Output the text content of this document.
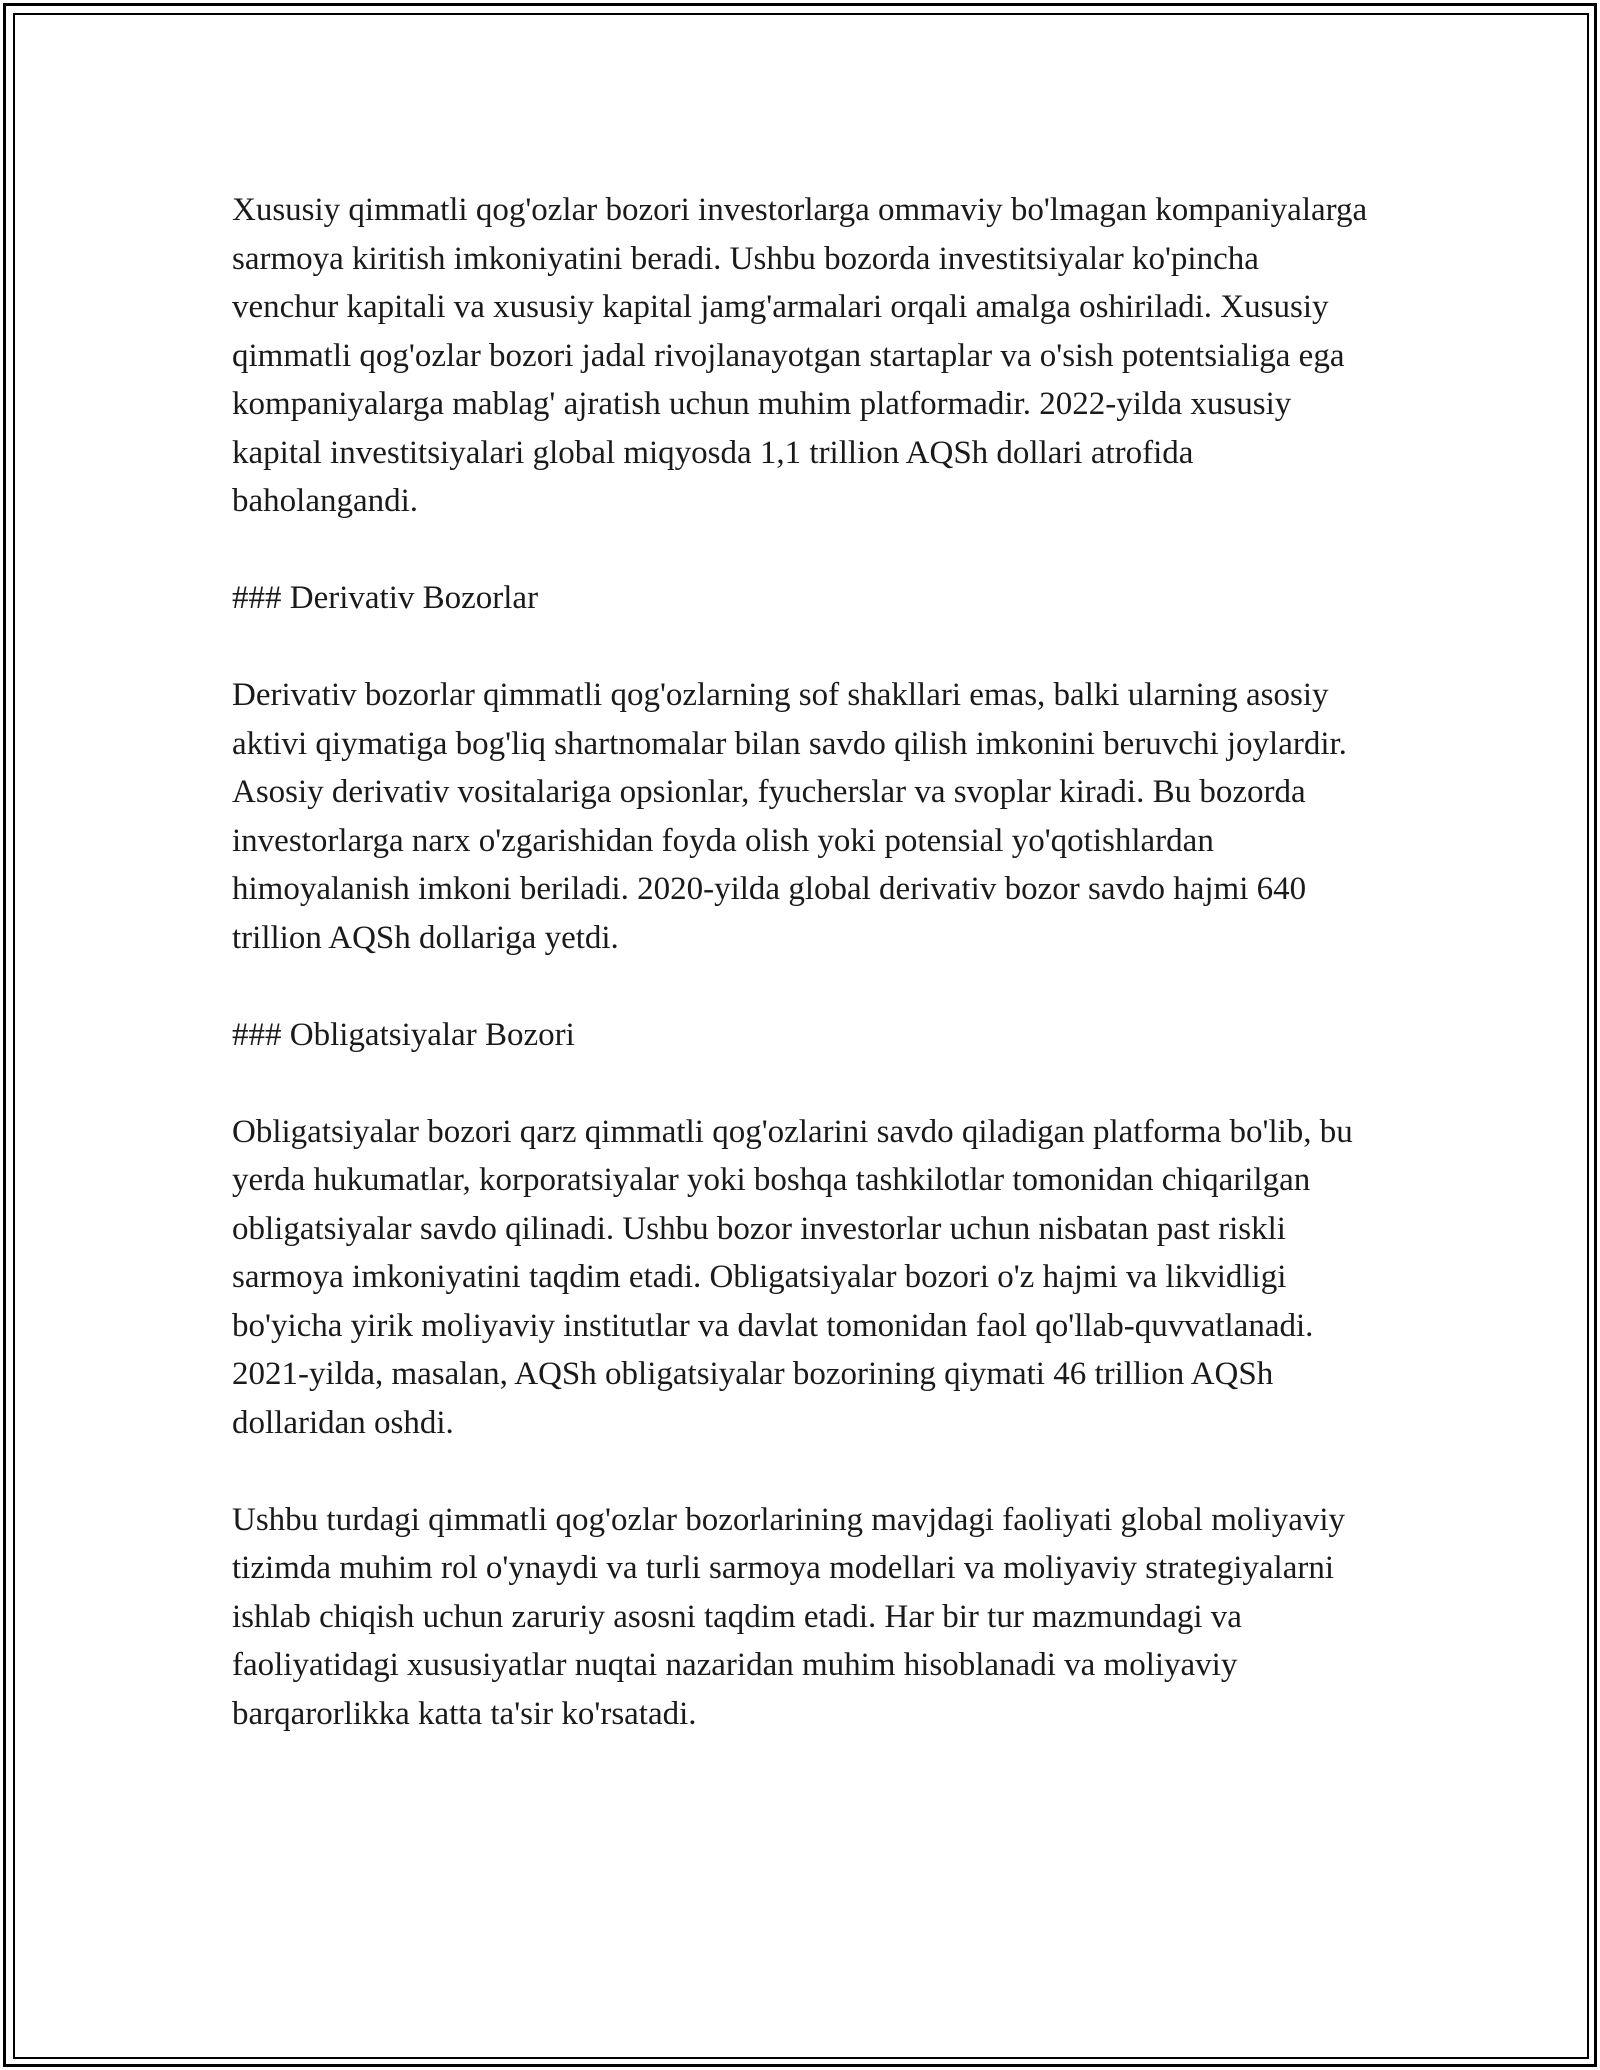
Xususiy qimmatli qog'ozlar bozori investorlarga ommaviy bo'lmagan kompaniyalarga sarmoya kiritish imkoniyatini beradi. Ushbu bozorda investitsiyalar ko'pincha venchur kapitali va xususiy kapital jamg'armalari orqali amalga oshiriladi. Xususiy qimmatli qog'ozlar bozori jadal rivojlanayotgan startaplar va o'sish potentsialiga ega kompaniyalarga mablag' ajratish uchun muhim platformadir. 2022-yilda xususiy kapital investitsiyalari global miqyosda 1,1 trillion AQSh dollari atrofida baholangandi.

### Derivativ Bozorlar

Derivativ bozorlar qimmatli qog'ozlarning sof shakllari emas, balki ularning asosiy aktivi qiymatiga bog'liq shartnomalar bilan savdo qilish imkonini beruvchi joylardir. Asosiy derivativ vositalariga opsionlar, fyucherslar va svoplar kiradi. Bu bozorda investorlarga narx o'zgarishidan foyda olish yoki potensial yo'qotishlardan himoyalanish imkoni beriladi. 2020-yilda global derivativ bozor savdo hajmi 640 trillion AQSh dollariga yetdi.

### Obligatsiyalar Bozori

Obligatsiyalar bozori qarz qimmatli qog'ozlarini savdo qiladigan platforma bo'lib, bu yerda hukumatlar, korporatsiyalar yoki boshqa tashkilotlar tomonidan chiqarilgan obligatsiyalar savdo qilinadi. Ushbu bozor investorlar uchun nisbatan past riskli sarmoya imkoniyatini taqdim etadi. Obligatsiyalar bozori o'z hajmi va likvidligi bo'yicha yirik moliyaviy institutlar va davlat tomonidan faol qo'llab-quvvatlanadi. 2021-yilda, masalan, AQSh obligatsiyalar bozorining qiymati 46 trillion AQSh dollaridan oshdi.

Ushbu turdagi qimmatli qog'ozlar bozorlarining mavjdagi faoliyati global moliyaviy tizimda muhim rol o'ynaydi va turli sarmoya modellari va moliyaviy strategiyalarni ishlab chiqish uchun zaruriy asosni taqdim etadi. Har bir tur mazmundagi va faoliyatidagi xususiyatlar nuqtai nazaridan muhim hisoblanadi va moliyaviy barqarorlikka katta ta'sir ko'rsatadi.
